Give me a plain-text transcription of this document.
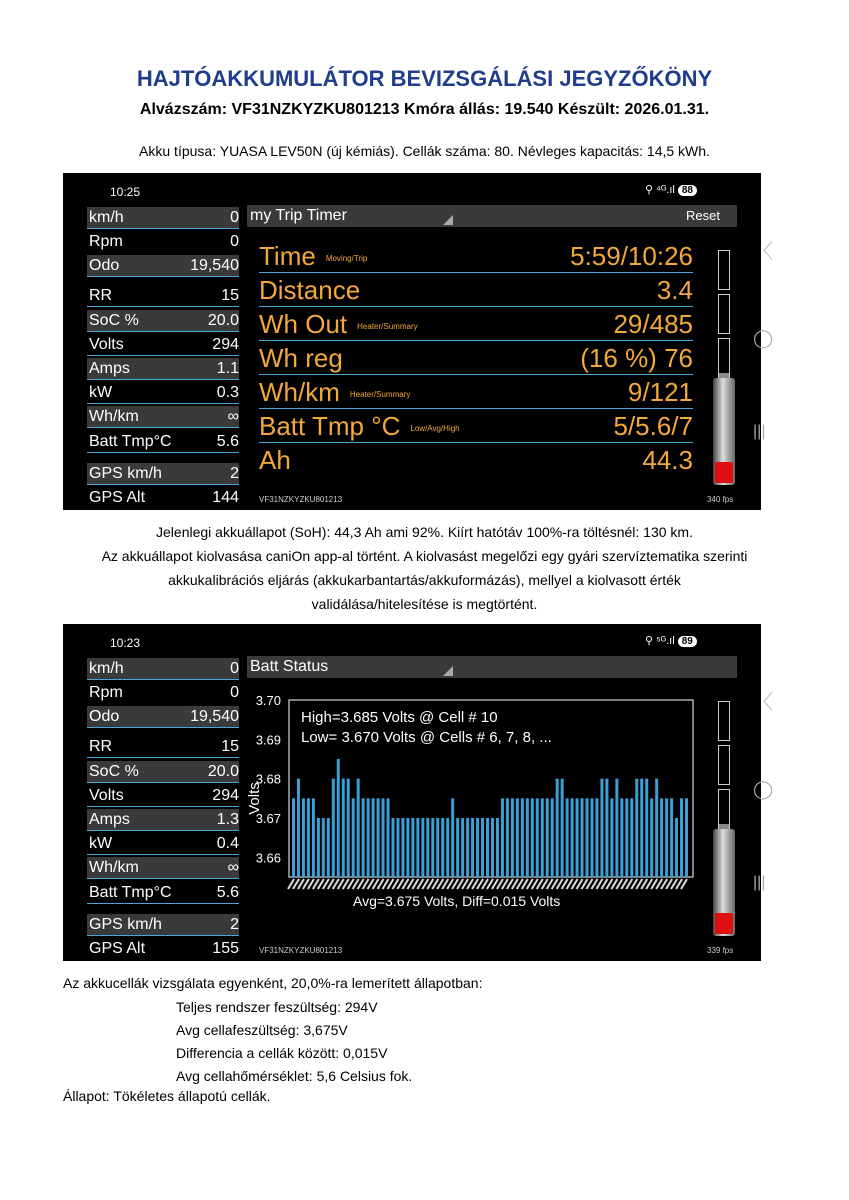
HAJTÓAKKUMULÁTOR BEVIZSGÁLÁSI JEGYZŐKÖNY
Alvázszám: VF31NZKYZKU801213 Kmóra állás: 19.540 Készült: 2026.01.31.
Akku típusa: YUASA LEV50N (új kémiás). Cellák száma: 80. Névleges kapacitás: 14,5 kWh.
10:25	⚲ ⁴ᴳ.ıl 88
km/h	0
Rpm	0
Odo	19,540
RR	15
SoC %	20.0
Volts	294
Amps	1.1
kW	0.3
Wh/km	∞
Batt Tmp°C	5.6
GPS km/h	2
GPS Alt	144
my Trip Timer	Reset
Time Moving/Trip	5:59/10:26
Distance	3.4
Wh Out Heater/Summary	29/485
Wh reg	(16 %) 76
Wh/km Heater/Summary	9/121
Batt Tmp °C Low/Avg/High	5/5.6/7
Ah	44.3
〈
◯
|||
VF31NZKYZKU801213	340 fps
Jelenlegi akkuállapot (SoH): 44,3 Ah ami 92%. Kiírt hatótáv 100%-ra töltésnél: 130 km.
Az akkuállapot kiolvasása caniOn app-al történt. A kiolvasást megelőzi egy gyári szervíztematika szerinti
akkukalibrációs eljárás (akkukarbantartás/akkuformázás), mellyel a kiolvasott érték
validálása/hitelesítése is megtörtént.
10:23	⚲ ⁵ᴳ.ıl 89
km/h	0
Rpm	0
Odo	19,540
RR	15
SoC %	20.0
Volts	294
Amps	1.3
kW	0.4
Wh/km	∞
Batt Tmp°C	5.6
GPS km/h	2
GPS Alt	155
Batt Status
3.70
3.69
3.68
3.67
3.66
Volts
High=3.685 Volts @ Cell # 10
Low= 3.670 Volts @ Cells # 6, 7, 8, ...
Avg=3.675 Volts, Diff=0.015 Volts
〈
◯
|||
VF31NZKYZKU801213	339 fps
Az akkucellák vizsgálata egyenként, 20,0%-ra lemerített állapotban:
Teljes rendszer feszültség: 294V
Avg cellafeszültség: 3,675V
Differencia a cellák között: 0,015V
Avg cellahőmérséklet: 5,6 Celsius fok.
Állapot: Tökéletes állapotú cellák.
